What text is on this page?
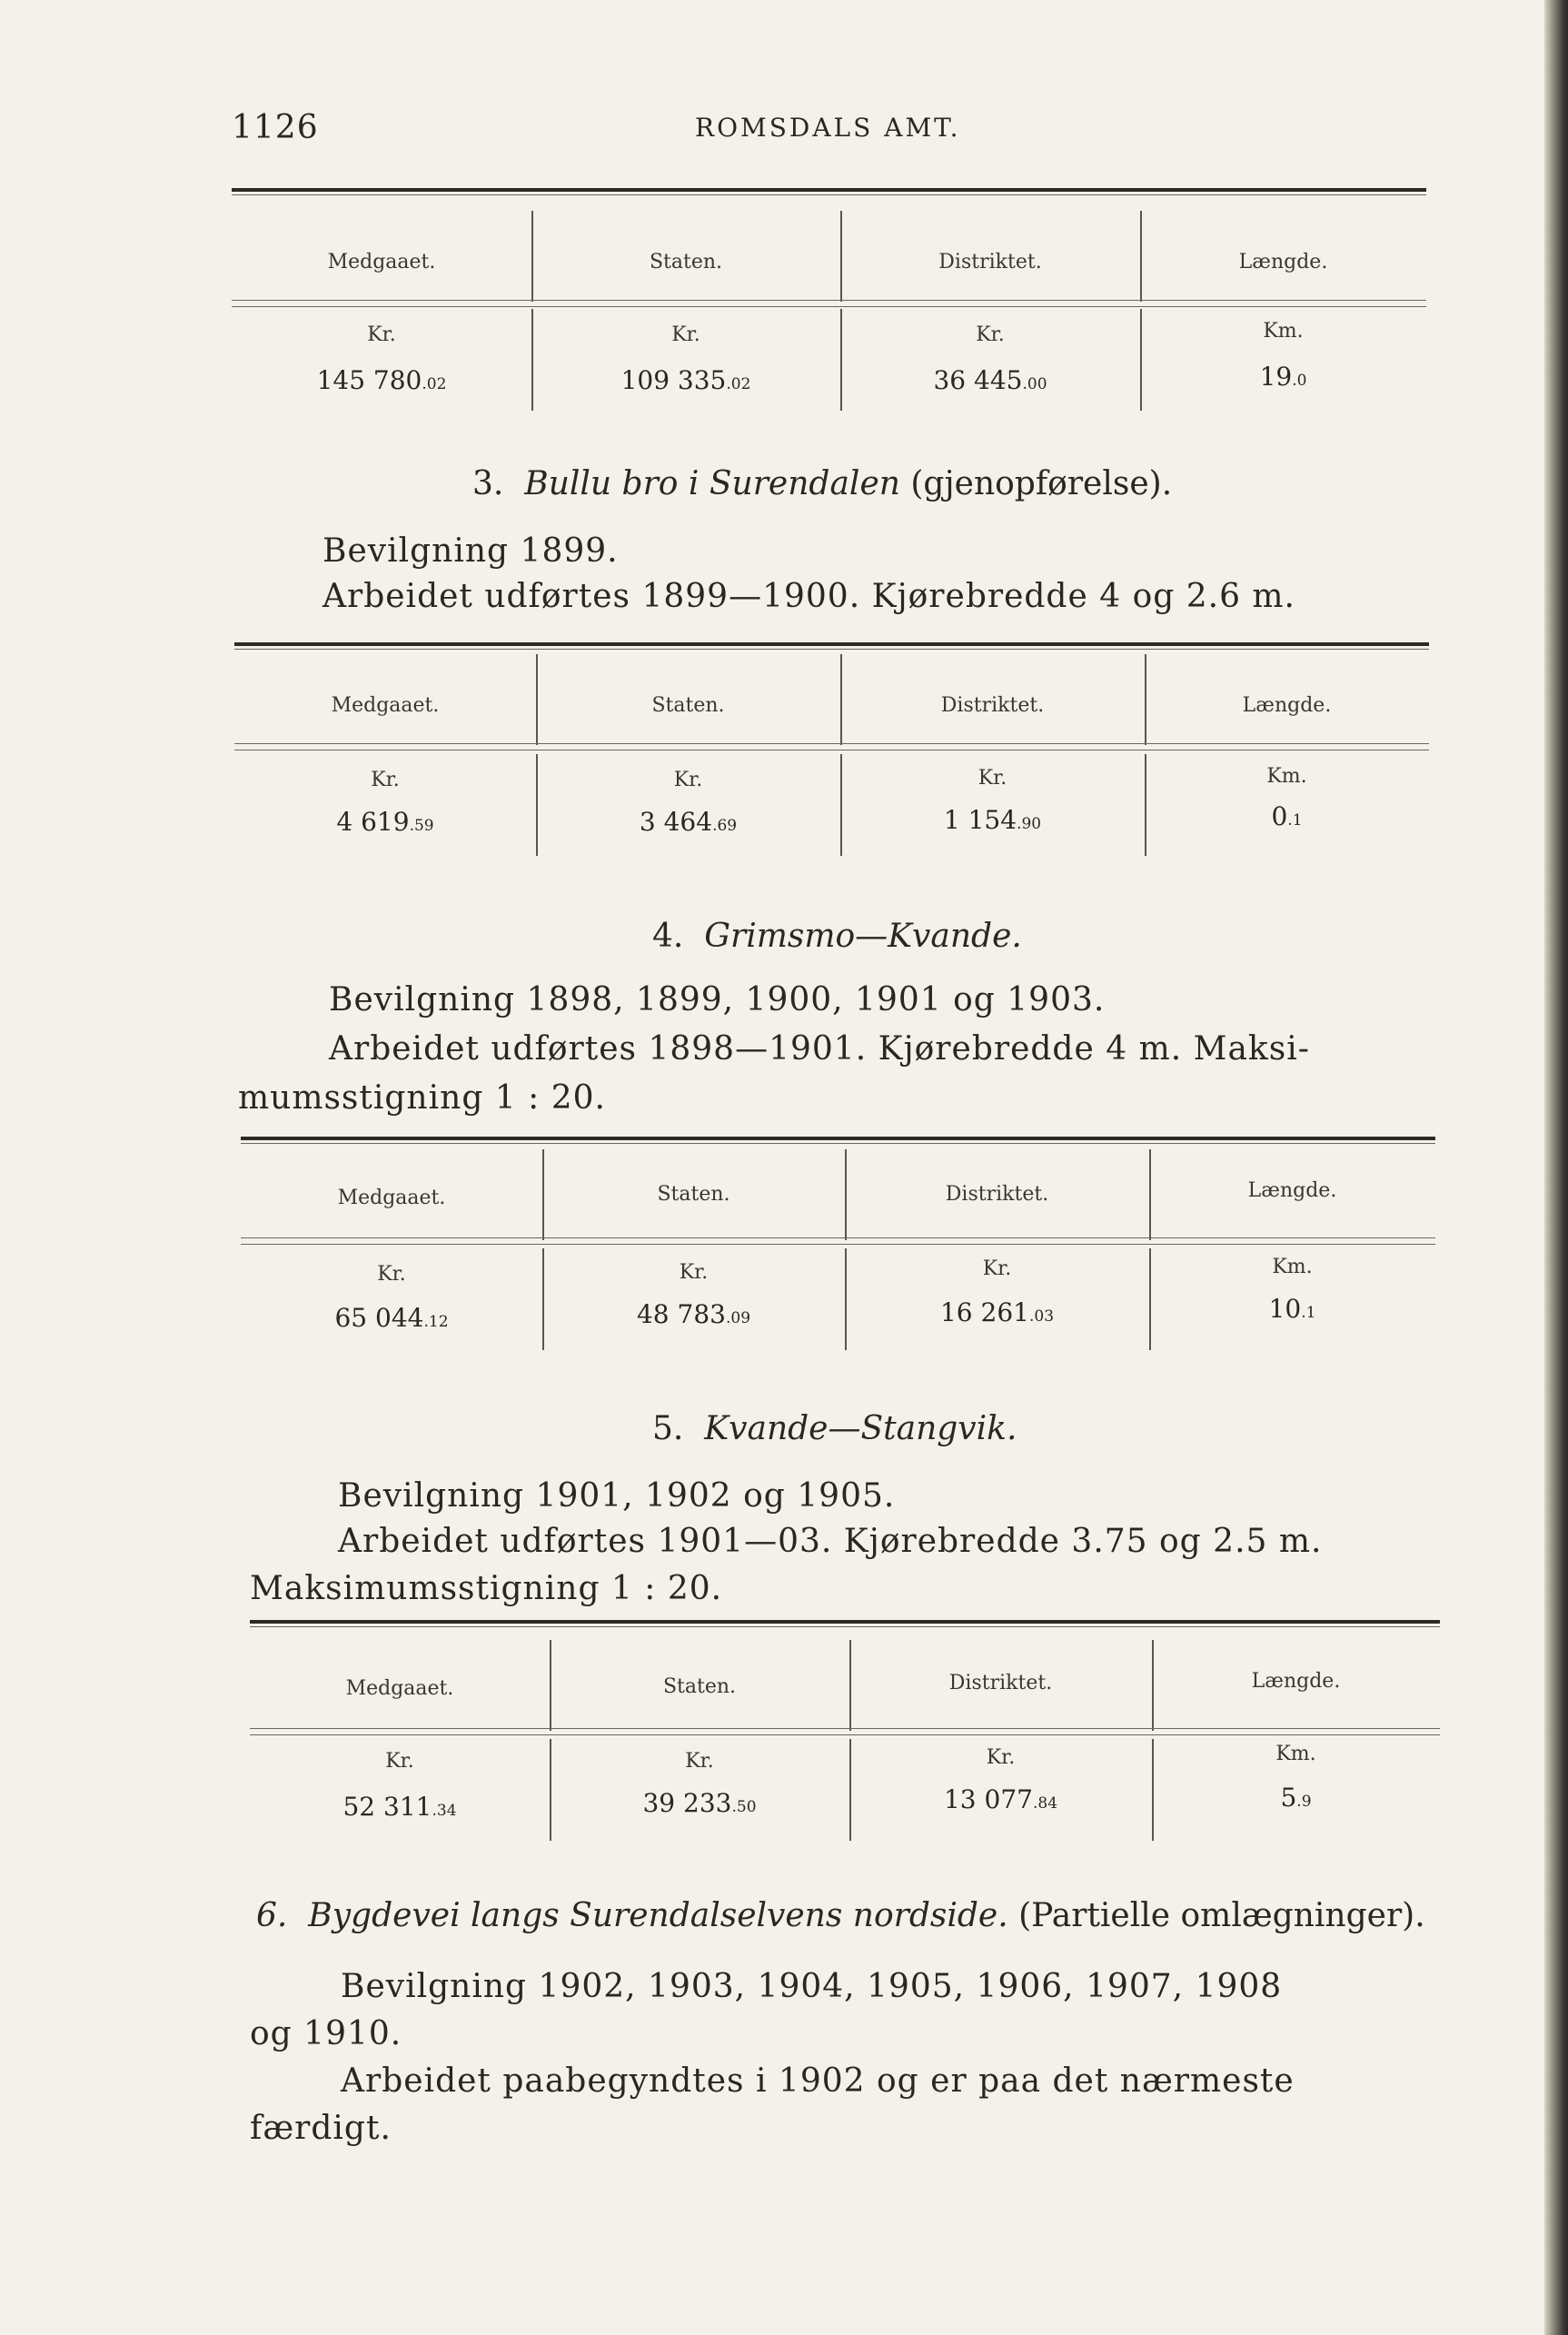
1126	ROMSDALS AMT.
Medgaaet.	Staten.	Distriktet.	Længde.
Kr.	Kr.	Kr.	Km.
145 780.02	109 335.02	36 445.00	19.0
3. Bullu bro i Surendalen (gjenopførelse).
Bevilgning 1899.
Arbeidet udførtes 1899—1900. Kjørebredde 4 og 2.6 m.
Medgaaet.	Staten.	Distriktet.	Længde.
Kr.	Kr.	Kr.	Km.
4 619.59	3 464.69	1 154.90	0.1
4. Grimsmo—Kvande.
Bevilgning 1898, 1899, 1900, 1901 og 1903.
Arbeidet udførtes 1898—1901. Kjørebredde 4 m. Maksi-
mumsstigning 1 : 20.
Medgaaet.	Staten.	Distriktet.	Længde.
Kr.	Kr.	Kr.	Km.
65 044.12	48 783.09	16 261.03	10.1
5. Kvande—Stangvik.
Bevilgning 1901, 1902 og 1905.
Arbeidet udførtes 1901—03. Kjørebredde 3.75 og 2.5 m.
Maksimumsstigning 1 : 20.
Medgaaet.	Staten.	Distriktet.	Længde.
Kr.	Kr.	Kr.	Km.
52 311.34	39 233.50	13 077.84	5.9
6. Bygdevei langs Surendalselvens nordside. (Partielle omlægninger).
Bevilgning 1902, 1903, 1904, 1905, 1906, 1907, 1908
og 1910.
Arbeidet paabegyndtes i 1902 og er paa det nærmeste
færdigt.
